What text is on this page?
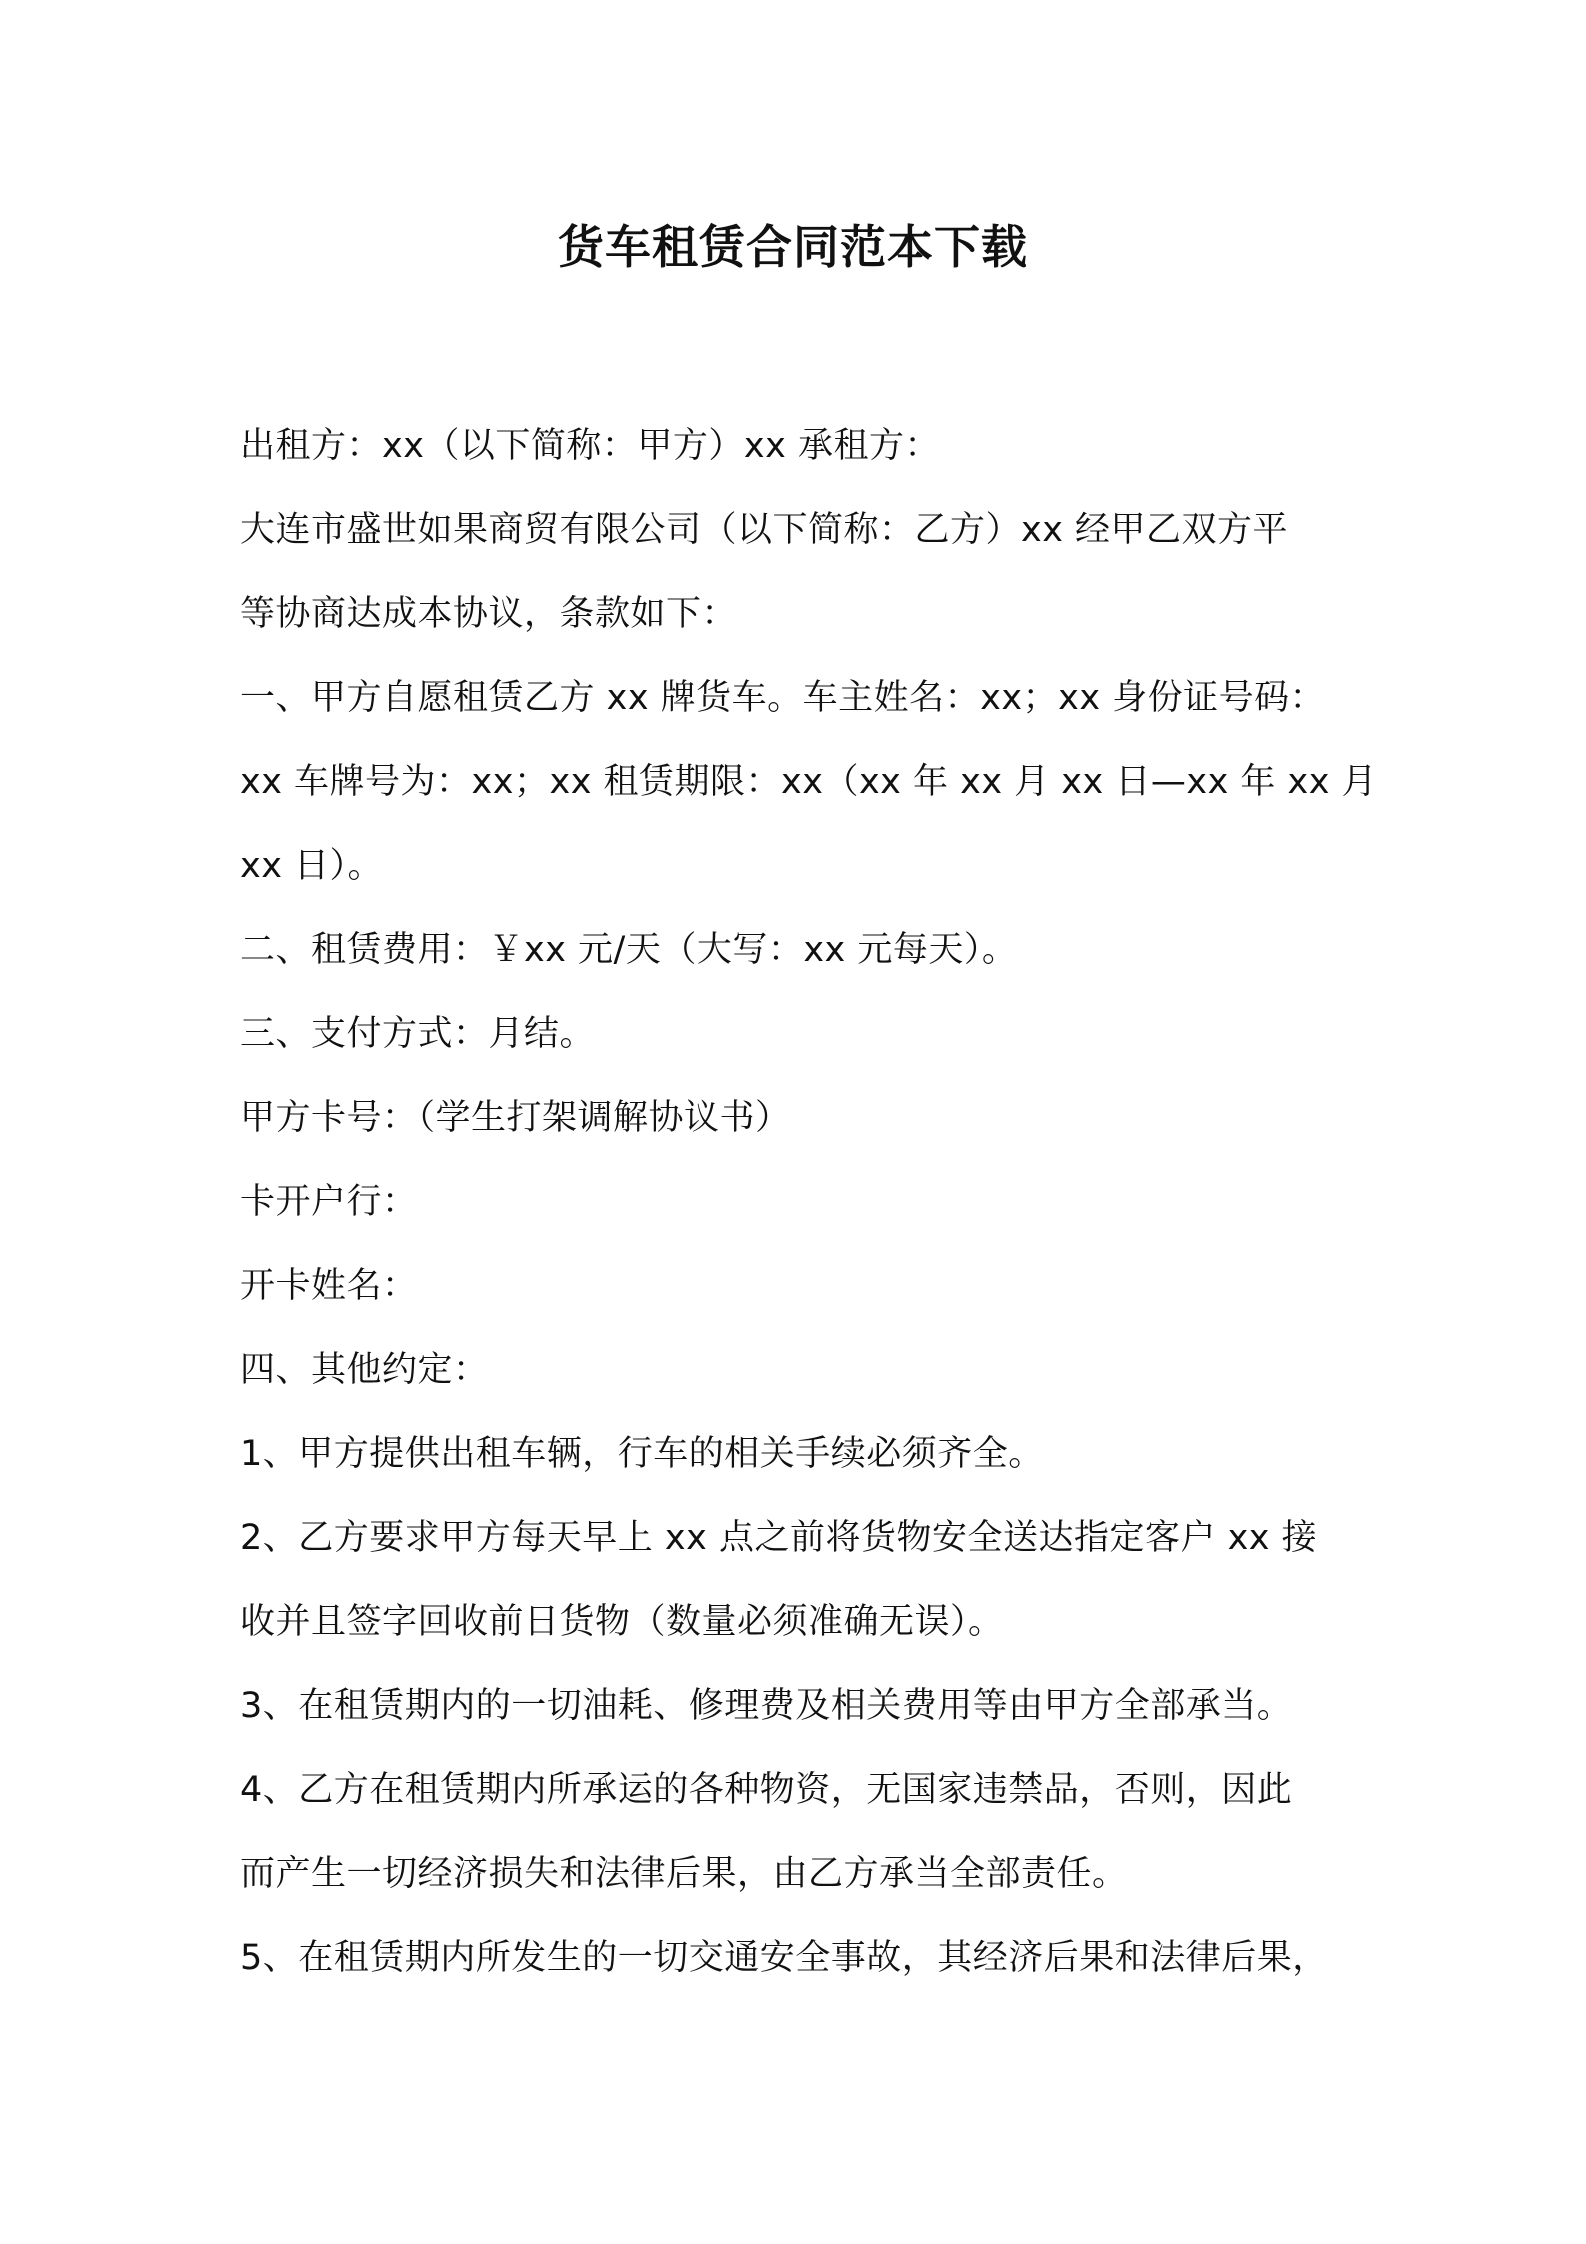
货车租赁合同范本下载
出租方：xx（以下简称：甲方）xx 承租方：
大连市盛世如果商贸有限公司（以下简称：乙方）xx 经甲乙双方平
等协商达成本协议，条款如下：
一、甲方自愿租赁乙方 xx 牌货车。车主姓名：xx；xx 身份证号码：
xx 车牌号为：xx；xx 租赁期限：xx（xx 年 xx 月 xx 日—xx 年 xx 月
xx 日）。
二、租赁费用：￥xx 元/天（大写：xx 元每天）。
三、支付方式：月结。
甲方卡号：（学生打架调解协议书）
卡开户行：
开卡姓名：
四、其他约定：
1、甲方提供出租车辆，行车的相关手续必须齐全。
2、乙方要求甲方每天早上 xx 点之前将货物安全送达指定客户 xx 接
收并且签字回收前日货物（数量必须准确无误）。
3、在租赁期内的一切油耗、修理费及相关费用等由甲方全部承当。
4、乙方在租赁期内所承运的各种物资，无国家违禁品，否则，因此
而产生一切经济损失和法律后果，由乙方承当全部责任。
5、在租赁期内所发生的一切交通安全事故，其经济后果和法律后果，
